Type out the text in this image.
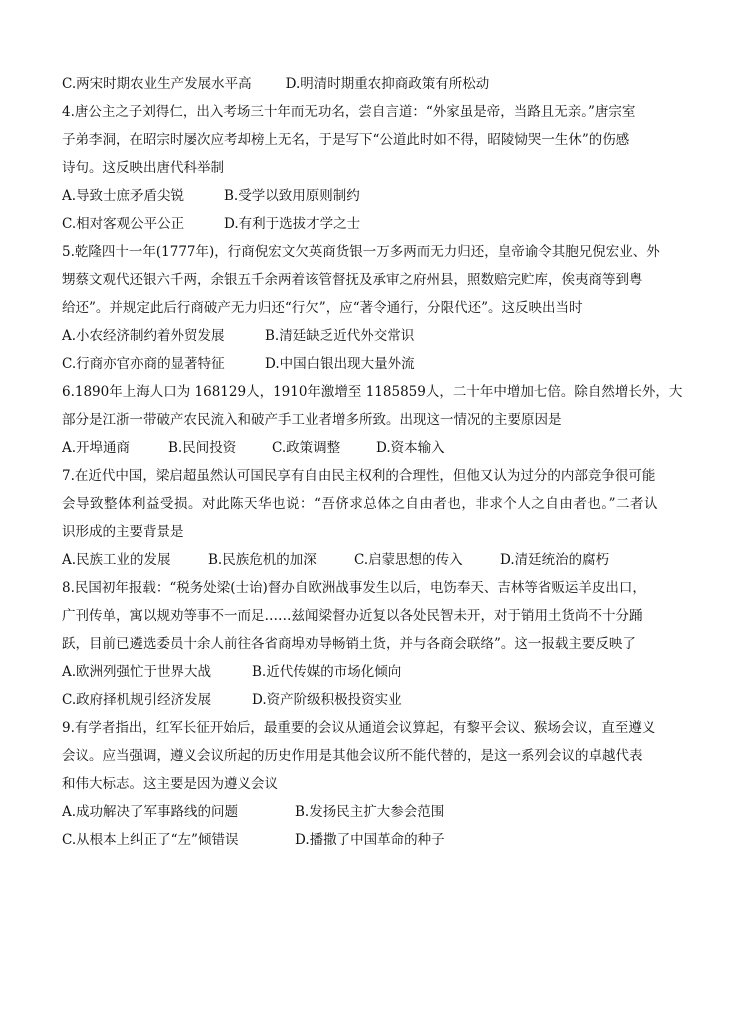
C.两宋时期农业生产发展水平高	D.明清时期重农抑商政策有所松动
4.唐公主之子刘得仁，出入考场三十年而无功名，尝自言道：“外家虽是帝，当路且无亲。”唐宗室
子弟李洞，在昭宗时屡次应考却榜上无名，于是写下“公道此时如不得，昭陵恸哭一生休”的伤感
诗句。这反映出唐代科举制
A.导致士庶矛盾尖锐	B.受学以致用原则制约
C.相对客观公平公正	D.有利于选拔才学之士
5.乾隆四十一年(1777年)，行商倪宏文欠英商货银一万多两而无力归还，皇帝谕令其胞兄倪宏业、外
甥蔡文观代还银六千两，余银五千余两着该管督抚及承审之府州县，照数赔完贮库，俟夷商等到粤
给还”。并规定此后行商破产无力归还“行欠”，应“著令通行，分限代还”。这反映出当时
A.小农经济制约着外贸发展	B.清廷缺乏近代外交常识
C.行商亦官亦商的显著特征	D.中国白银出现大量外流
6.1890年上海人口为 168129人，1910年激增至 1185859人，二十年中增加七倍。除自然增长外，大
部分是江浙一带破产农民流入和破产手工业者增多所致。出现这一情况的主要原因是
A.开埠通商	B.民间投资	C.政策调整	D.资本输入
7.在近代中国，梁启超虽然认可国民享有自由民主权利的合理性，但他又认为过分的内部竞争很可能
会导致整体利益受损。对此陈天华也说：“吾侪求总体之自由者也，非求个人之自由者也。”二者认
识形成的主要背景是
A.民族工业的发展	B.民族危机的加深	C.启蒙思想的传入	D.清廷统治的腐朽
8.民国初年报载：“税务处梁(士诒)督办自欧洲战事发生以后，电饬奉天、吉林等省贩运羊皮出口，
广刊传单，寓以规劝等事不一而足……兹闻梁督办近复以各处民智未开，对于销用土货尚不十分踊
跃，目前已遴选委员十余人前往各省商埠劝导畅销土货，并与各商会联络”。这一报载主要反映了
A.欧洲列强忙于世界大战	B.近代传媒的市场化倾向
C.政府择机规引经济发展	D.资产阶级积极投资实业
9.有学者指出，红军长征开始后，最重要的会议从通道会议算起，有黎平会议、猴场会议，直至遵义
会议。应当强调，遵义会议所起的历史作用是其他会议所不能代替的，是这一系列会议的卓越代表
和伟大标志。这主要是因为遵义会议
A.成功解决了军事路线的问题	B.发扬民主扩大参会范围
C.从根本上纠正了“左”倾错误	D.播撒了中国革命的种子
